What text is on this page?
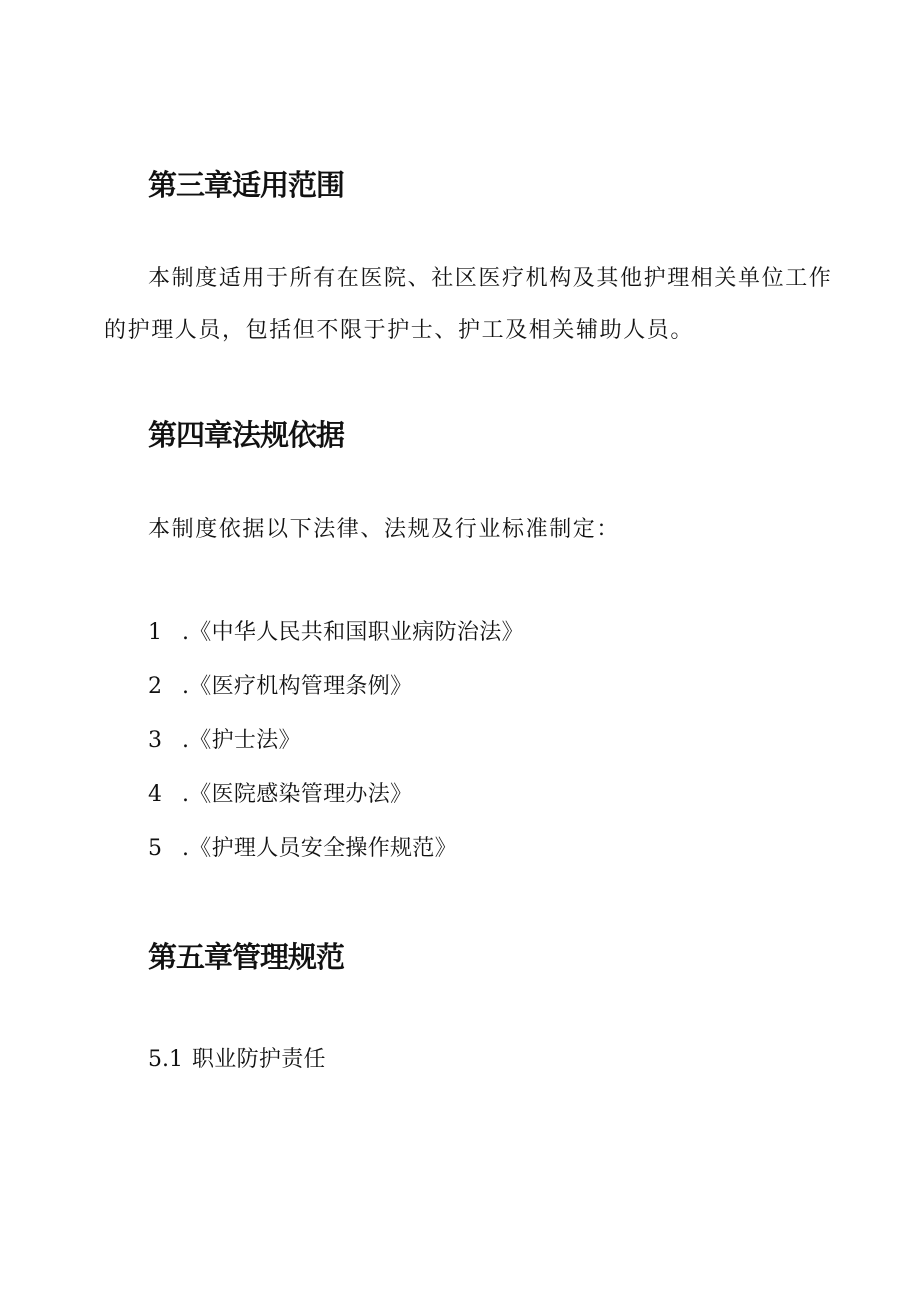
第三章适用范围

本制度适用于所有在医院、社区医疗机构及其他护理相关单位工作

的护理人员，包括但不限于护士、护工及相关辅助人员。

第四章法规依据

本制度依据以下法律、法规及行业标准制定：

1 .《中华人民共和国职业病防治法》
2 .《医疗机构管理条例》
3 .《护士法》
4 .《医院感染管理办法》
5 .《护理人员安全操作规范》
第五章管理规范
5.1 职业防护责任
